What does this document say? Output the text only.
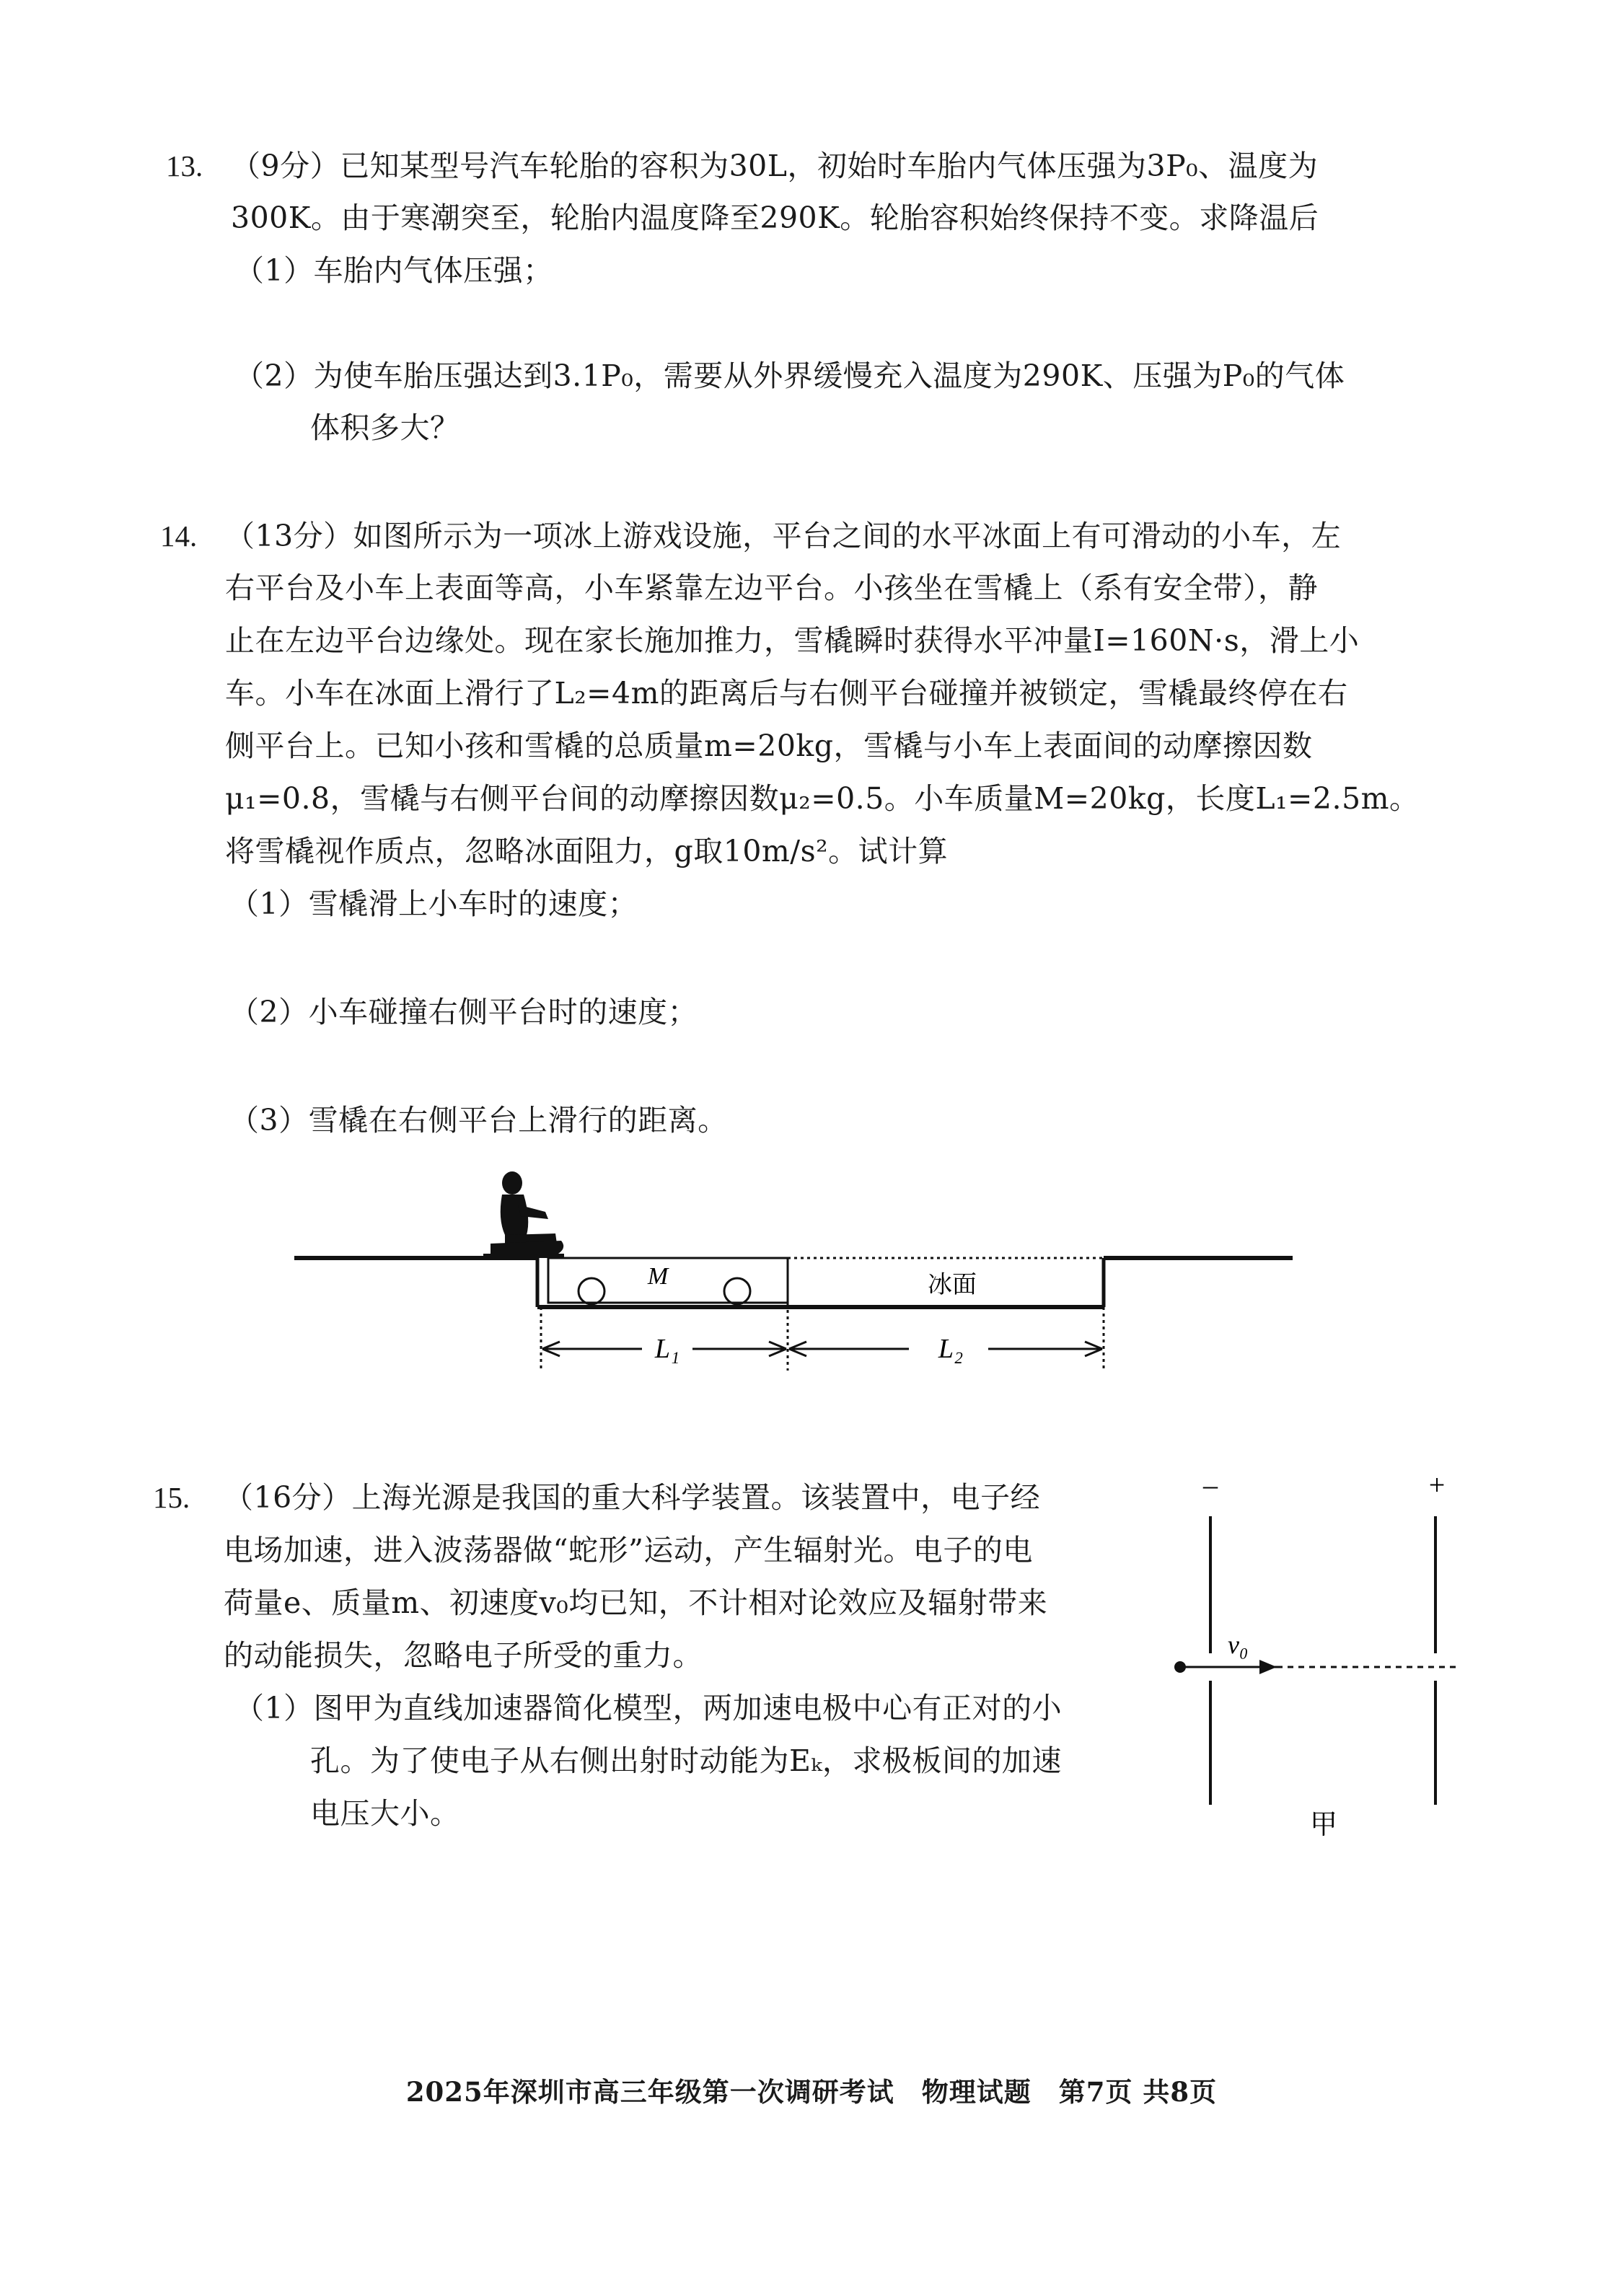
13. （9分）已知某型号汽车轮胎的容积为30L，初始时车胎内气体压强为3P₀、温度为
300K。由于寒潮突至，轮胎内温度降至290K。轮胎容积始终保持不变。求降温后
（1）车胎内气体压强；
（2）为使车胎压强达到3.1P₀，需要从外界缓慢充入温度为290K、压强为P₀的气体
体积多大？
14. （13分）如图所示为一项冰上游戏设施，平台之间的水平冰面上有可滑动的小车，左
右平台及小车上表面等高，小车紧靠左边平台。小孩坐在雪橇上（系有安全带），静
止在左边平台边缘处。现在家长施加推力，雪橇瞬时获得水平冲量I=160N·s，滑上小
车。小车在冰面上滑行了L₂=4m的距离后与右侧平台碰撞并被锁定，雪橇最终停在右
侧平台上。已知小孩和雪橇的总质量m=20kg，雪橇与小车上表面间的动摩擦因数
μ₁=0.8，雪橇与右侧平台间的动摩擦因数μ₂=0.5。小车质量M=20kg，长度L₁=2.5m。
将雪橇视作质点，忽略冰面阻力，g取10m/s²。试计算
（1）雪橇滑上小车时的速度；
（2）小车碰撞右侧平台时的速度；
（3）雪橇在右侧平台上滑行的距离。
M	冰面
L₁	L₂
15. （16分）上海光源是我国的重大科学装置。该装置中，电子经
电场加速，进入波荡器做“蛇形”运动，产生辐射光。电子的电
荷量e、质量m、初速度v₀均已知，不计相对论效应及辐射带来
的动能损失，忽略电子所受的重力。
（1）图甲为直线加速器简化模型，两加速电极中心有正对的小
孔。为了使电子从右侧出射时动能为Eₖ，求极板间的加速
电压大小。
–	+
v₀
甲
2025年深圳市高三年级第一次调研考试　物理试题　第7页 共8页
